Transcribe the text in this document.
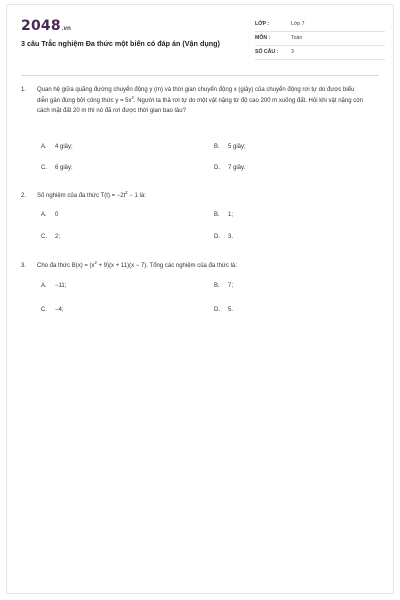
2048.vn
3 câu Trắc nghiệm Đa thức một biến có đáp án (Vận dụng)
LỚP :	Lớp 7
MÔN :	Toán
SỐ CÂU : 3
1.	Quan hệ giữa quãng đường chuyển động y (m) và thời gian chuyển động x (giây) của chuyển động rơi tự do được biểu diễn gần đúng bởi công thức $y = 5x^2$. Người ta thả rơi tự do một vật nặng từ độ cao 200 m xuống đất. Hỏi khi vật nặng còn cách mặt đất 20 m thì nó đã rơi được thời gian bao lâu?
A. 4 giây;	B. 5 giây;
C. 6 giây;	D. 7 giây.
2.	Số nghiệm của đa thức $T(t) = -2t^2 - 1$ là:
A. 0	B. 1;
C. 2;	D. 3.
3.	Cho đa thức $B(x) = (x^2 + 9)(x + 11)(x - 7)$. Tổng các nghiệm của đa thức là:
A. −11;	B. 7;
C. −4;	D. 5.
